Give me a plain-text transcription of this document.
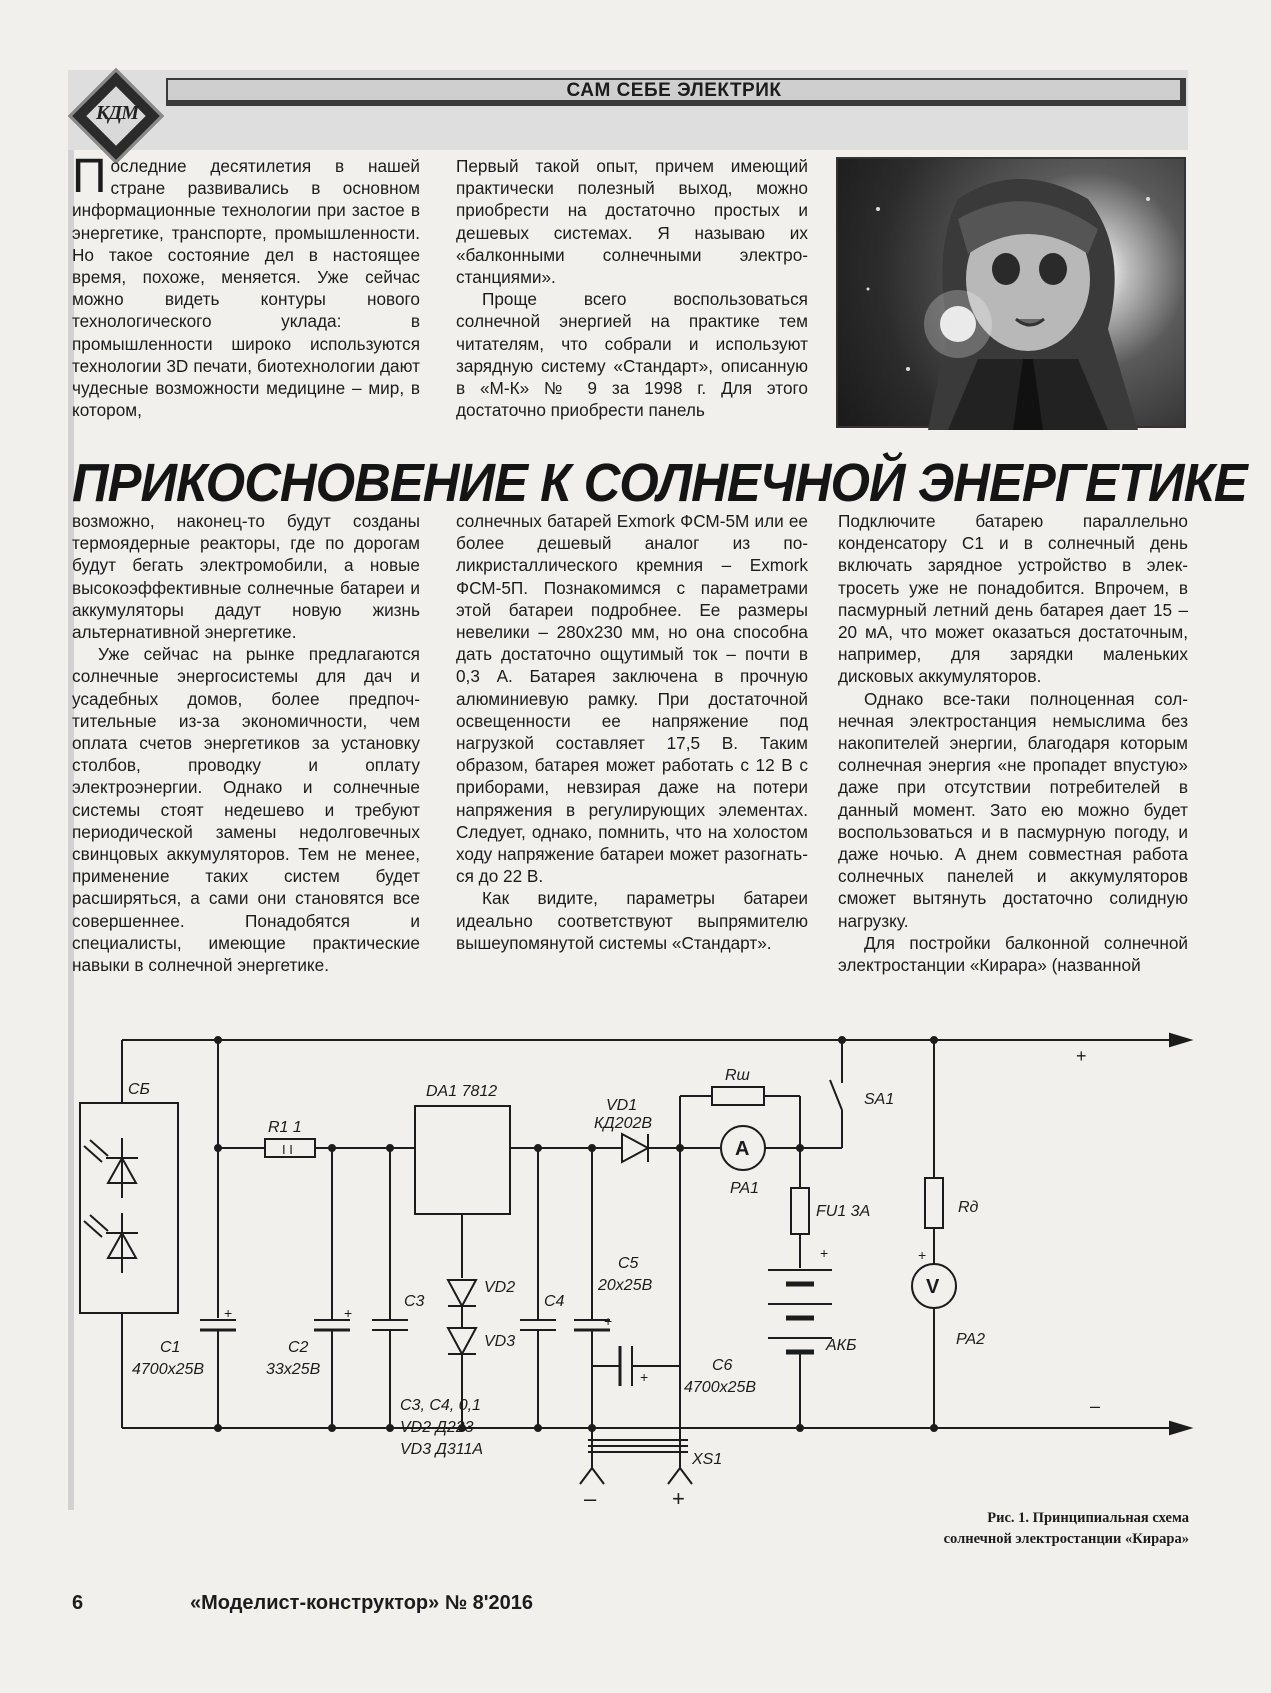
КДМ
САМ СЕБЕ ЭЛЕКТРИК

Последние десятилетия в нашей стране развивались в основном информационные технологии при застое в энергетике, транспорте, промышленности. Но такое состояние дел в настоящее время, похоже, меняется. Уже сейчас можно видеть контуры нового технологического уклада: в промышленности широко используются технологии 3D печати, биотехнологии дают чудесные возможности медицине – мир, в котором,

Первый такой опыт, причем имеющий практически полезный выход, можно приобрести на достаточно простых и дешевых системах. Я называю их «балконными солнечными электростанциями».

Проще всего воспользоваться солнечной энергией на практике тем читателям, что собрали и используют зарядную систему «Стандарт», описанную в «М-К» № 9 за 1998 г. Для этого достаточно приобрести панель

ПРИКОСНОВЕНИЕ К СОЛНЕЧНОЙ ЭНЕРГЕТИКЕ

возможно, наконец-то будут созданы термоядерные реакторы, где по дорогам будут бегать электромобили, а новые высокоэффективные солнечные батареи и аккумуляторы дадут новую жизнь альтернативной энергетике.

Уже сейчас на рынке предлагаются солнечные энергосистемы для дач и усадебных домов, более предпочтительные из-за экономичности, чем оплата счетов энергетиков за установку столбов, проводку и оплату электроэнергии. Однако и солнечные системы стоят недешево и требуют периодической замены недолговечных свинцовых аккумуляторов. Тем не менее, применение таких систем будет расширяться, а сами они становятся все совершеннее. Понадобятся и специалисты, имеющие практические навыки в солнечной энергетике.

солнечных батарей Exmork ФСМ-5М или ее более дешевый аналог из поликристаллического кремния – Exmork ФСМ-5П. Познакомимся с параметрами этой батареи подробнее. Ее размеры невелики – 280х230 мм, но она способна дать достаточно ощутимый ток – почти в 0,3 А. Батарея заключена в прочную алюминиевую рамку. При достаточной освещенности ее напряжение под нагрузкой составляет 17,5 В. Таким образом, батарея может работать с 12 В с приборами, невзирая даже на потери напряжения в регулирующих элементах. Следует, однако, помнить, что на холостом ходу напряжение батареи может разогнаться до 22 В.

Как видите, параметры батареи идеально соответствуют выпрямителю вышеупомянутой системы «Стандарт».

Подключите батарею параллельно конденсатору С1 и в солнечный день включать зарядное устройство в электросеть уже не понадобится. Впрочем, в пасмурный летний день батарея дает 15 – 20 мА, что может оказаться достаточным, например, для зарядки маленьких дисковых аккумуляторов.

Однако все-таки полноценная солнечная электростанция немыслима без накопителей энергии, благодаря которым солнечная энергия «не пропадет впустую» даже при отсутствии потребителей в данный момент. Зато ею можно будет воспользоваться и в пасмурную погоду, и даже ночью. А днем совместная работа солнечных панелей и аккумуляторов сможет вытянуть достаточно солидную нагрузку.

Для постройки балконной солнечной электростанции «Кирара» (названной

СБ
R1 1
I I
DA1 7812
VD1
КД202В
Rш
SA1
A
PA1
FU1 3A	Rд
V
PA2
АКБ
C1
4700х25В
C2
33х25В
C3	C4
VD2
VD3
C5
20х25В
C6
4700х25В
XS1
C3, C4, 0,1
VD2 Д223
VD3 Д311А
+
–
+
+	+
+
+	+
–	+
Рис. 1. Принципиальная схема
солнечной электростанции «Кирара»
6	«Моделист-конструктор» № 8'2016
